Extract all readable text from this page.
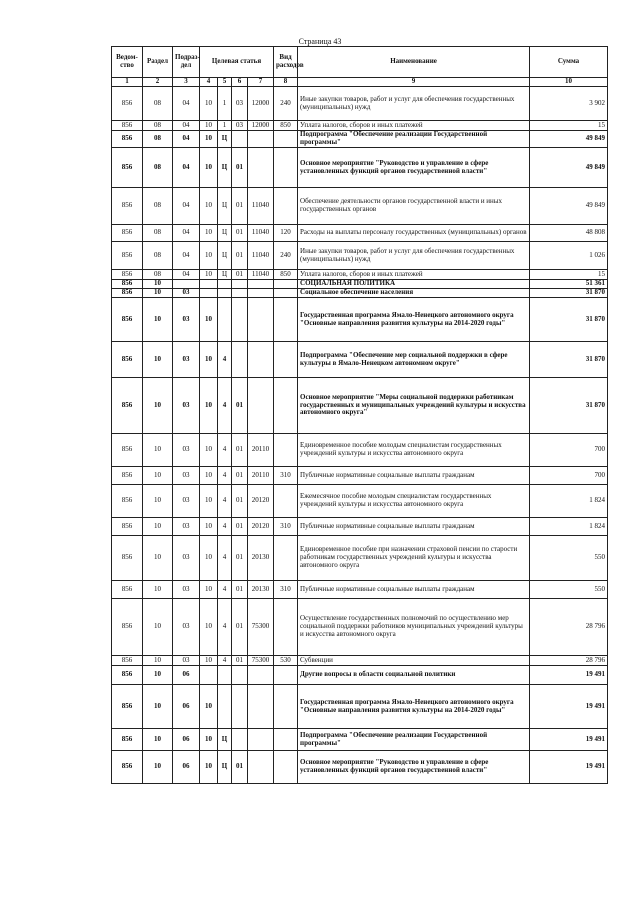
Страница 43
Ведом-ство	Раздел	Подраз-дел	Целевая статья				Вид расходов	Наименование	Сумма
1	2	3	4	5	6	7	8	9	10
856	08	04	10	1	03	12000	240	Иные закупки товаров, работ и услуг для обеспечения государственных (муниципальных) нужд	3 902
856	08	04	10	1	03	12000	850	Уплата налогов, сборов и иных платежей	15
856	08	04	10	Ц				Подпрограмма "Обеспечение реализации Государственной программы"	49 849
856	08	04	10	Ц	01			Основное мероприятие "Руководство и управление в сфере установленных функций органов государственной власти"	49 849
856	08	04	10	Ц	01	11040		Обеспечение деятельности органов государственной власти и иных государственных органов	49 849
856	08	04	10	Ц	01	11040	120	Расходы на выплаты персоналу государственных (муниципальных) органов	48 808
856	08	04	10	Ц	01	11040	240	Иные закупки товаров, работ и услуг для обеспечения государственных (муниципальных) нужд	1 026
856	08	04	10	Ц	01	11040	850	Уплата налогов, сборов и иных платежей	15
856	10							СОЦИАЛЬНАЯ ПОЛИТИКА	51 361
856	10	03						Социальное обеспечение населения	31 870
856	10	03	10					Государственная программа Ямало-Ненецкого автономного округа "Основные направления развития культуры на 2014-2020 годы"	31 870
856	10	03	10	4				Подпрограмма "Обеспечение мер социальной поддержки в сфере культуры в Ямало-Ненецком автономном округе"	31 870
856	10	03	10	4	01			Основное мероприятие "Меры социальной поддержки работникам государственных и муниципальных учреждений культуры и искусства автономного округа"	31 870
856	10	03	10	4	01	20110		Единовременное пособие молодым специалистам государственных учреждений культуры и искусства автономного округа	700
856	10	03	10	4	01	20110	310	Публичные нормативные социальные выплаты гражданам	700
856	10	03	10	4	01	20120		Ежемесячное пособие молодым специалистам государственных учреждений культуры и искусства автономного округа	1 824
856	10	03	10	4	01	20120	310	Публичные нормативные социальные выплаты гражданам	1 824
856	10	03	10	4	01	20130		Единовременное пособие при назначении страховой пенсии по старости работникам государственных учреждений культуры и искусства автономного округа	550
856	10	03	10	4	01	20130	310	Публичные нормативные социальные выплаты гражданам	550
856	10	03	10	4	01	75300		Осуществление государственных полномочий по осуществлению мер социальной поддержки работников муниципальных учреждений культуры и искусства автономного округа	28 796
856	10	03	10	4	01	75300	530	Субвенции	28 796
856	10	06						Другие вопросы в области социальной политики	19 491
856	10	06	10					Государственная программа Ямало-Ненецкого автономного округа "Основные направления развития культуры на 2014-2020 годы"	19 491
856	10	06	10	Ц				Подпрограмма "Обеспечение реализации Государственной программы"	19 491
856	10	06	10	Ц	01			Основное мероприятие "Руководство и управление в сфере установленных функций органов государственной власти"	19 491
